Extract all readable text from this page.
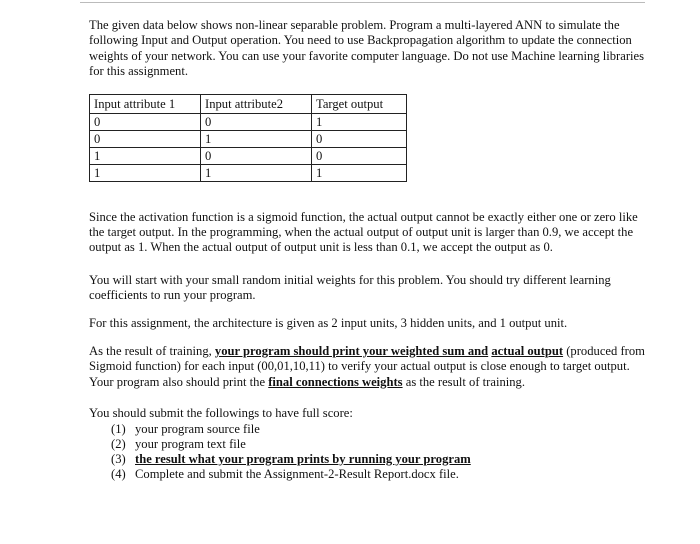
The given data below shows non-linear separable problem. Program a multi-layered ANN to simulate the following Input and Output operation. You need to use Backpropagation algorithm to update the connection weights of your network. You can use your favorite computer language. Do not use Machine learning libraries for this assignment.

Input attribute 1	Input attribute2	Target output
0	0	1
0	1	0
1	0	0
1	1	1

Since the activation function is a sigmoid function, the actual output cannot be exactly either one or zero like the target output. In the programming, when the actual output of output unit is larger than 0.9, we accept the output as 1. When the actual output of output unit is less than 0.1, we accept the output as 0.

You will start with your small random initial weights for this problem. You should try different learning coefficients to run your program.

For this assignment, the architecture is given as 2 input units, 3 hidden units, and 1 output unit.

As the result of training, your program should print your weighted sum and actual output (produced from Sigmoid function) for each input (00,01,10,11) to verify your actual output is close enough to target output. Your program also should print the final connections weights as the result of training.

You should submit the followings to have full score:

(1) your program source file
(2) your program text file
(3) the result what your program prints by running your program
(4) Complete and submit the Assignment-2-Result Report.docx file.
